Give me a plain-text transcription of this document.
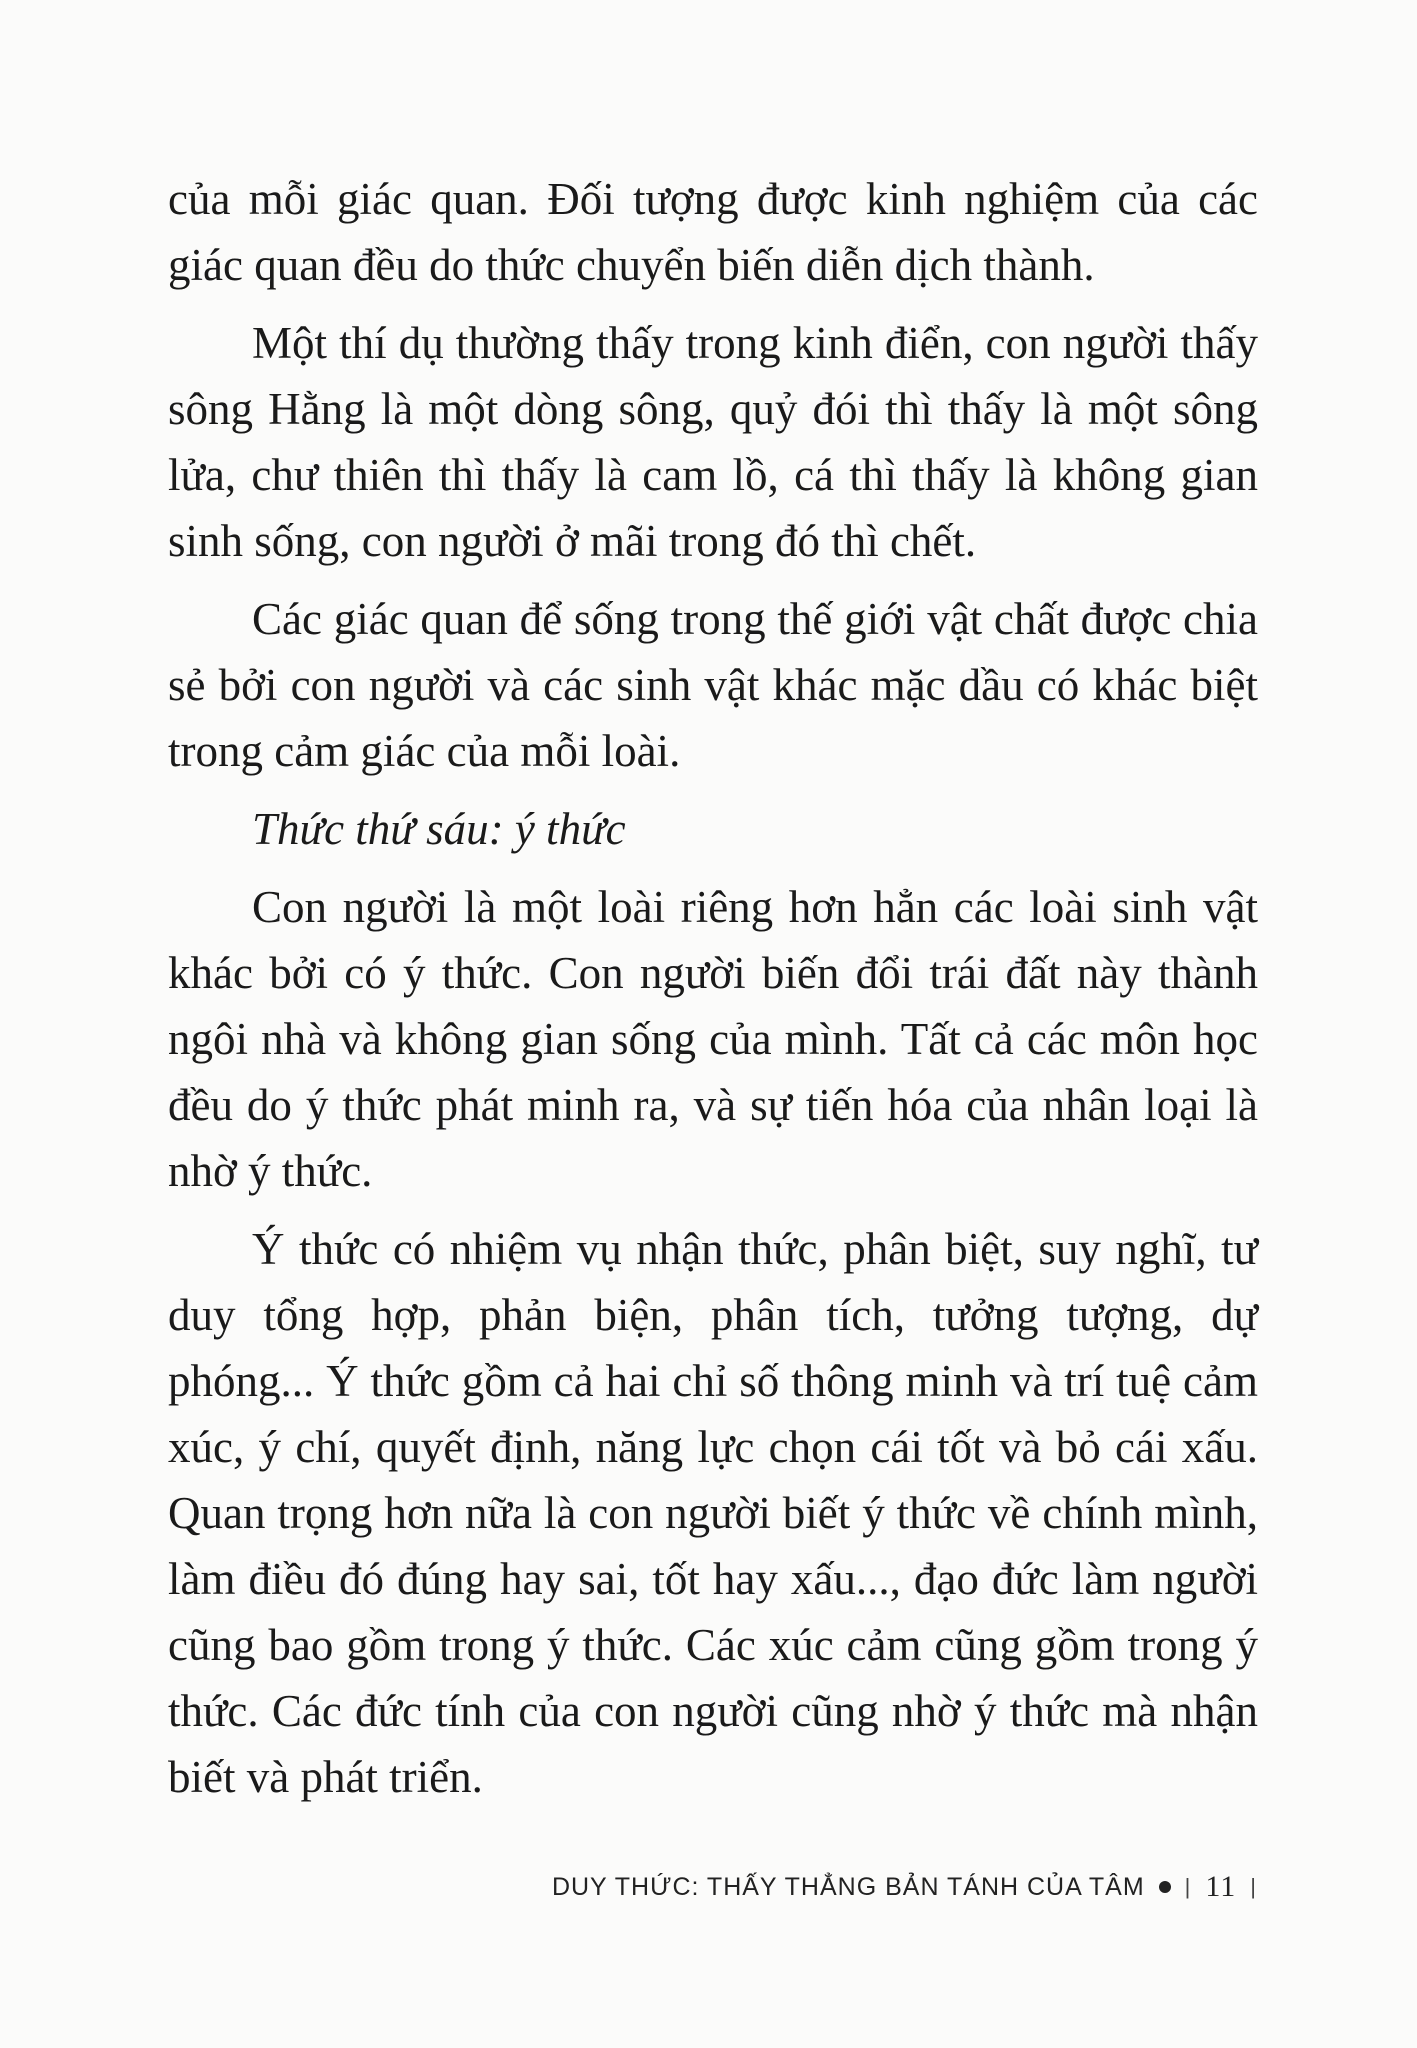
của mỗi giác quan. Đối tượng được kinh nghiệm của các giác quan đều do thức chuyển biến diễn dịch thành.

Một thí dụ thường thấy trong kinh điển, con người thấy sông Hằng là một dòng sông, quỷ đói thì thấy là một sông lửa, chư thiên thì thấy là cam lồ, cá thì thấy là không gian sinh sống, con người ở mãi trong đó thì chết.

Các giác quan để sống trong thế giới vật chất được chia sẻ bởi con người và các sinh vật khác mặc dầu có khác biệt trong cảm giác của mỗi loài.

Thức thứ sáu: ý thức

Con người là một loài riêng hơn hẳn các loài sinh vật khác bởi có ý thức. Con người biến đổi trái đất này thành ngôi nhà và không gian sống của mình. Tất cả các môn học đều do ý thức phát minh ra, và sự tiến hóa của nhân loại là nhờ ý thức.

Ý thức có nhiệm vụ nhận thức, phân biệt, suy nghĩ, tư duy tổng hợp, phản biện, phân tích, tưởng tượng, dự phóng... Ý thức gồm cả hai chỉ số thông minh và trí tuệ cảm xúc, ý chí, quyết định, năng lực chọn cái tốt và bỏ cái xấu. Quan trọng hơn nữa là con người biết ý thức về chính mình, làm điều đó đúng hay sai, tốt hay xấu..., đạo đức làm người cũng bao gồm trong ý thức. Các xúc cảm cũng gồm trong ý thức. Các đức tính của con người cũng nhờ ý thức mà nhận biết và phát triển.

DUY THỨC: THẤY THẲNG BẢN TÁNH CỦA TÂM | 11 |
